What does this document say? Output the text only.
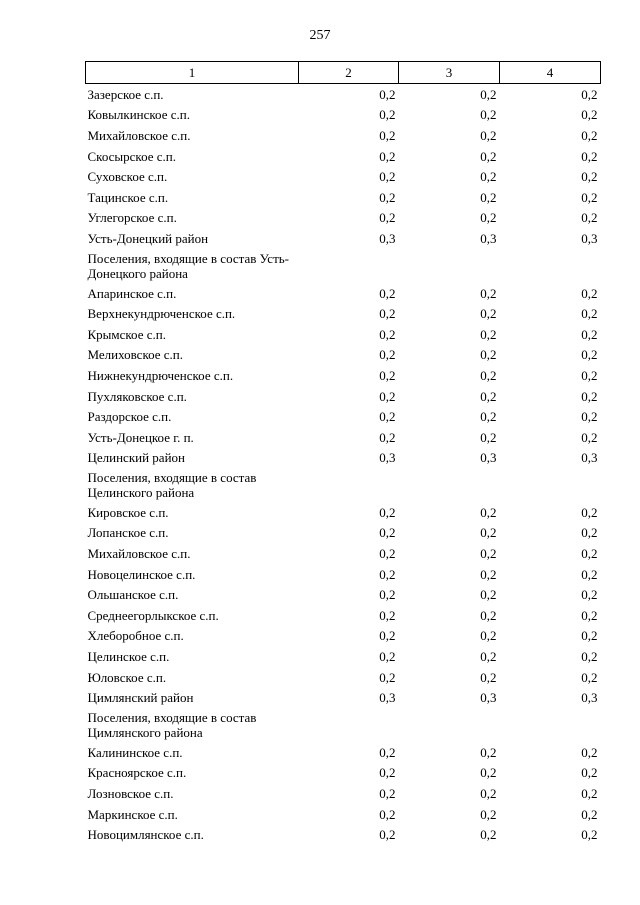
257
1	2	3	4
Зазерское с.п.	0,2	0,2	0,2
Ковылкинское с.п.	0,2	0,2	0,2
Михайловское с.п.	0,2	0,2	0,2
Скосырское с.п.	0,2	0,2	0,2
Суховское с.п.	0,2	0,2	0,2
Тацинское с.п.	0,2	0,2	0,2
Углегорское с.п.	0,2	0,2	0,2
Усть-Донецкий район	0,3	0,3	0,3
Поселения, входящие в состав Усть-Донецкого района			
Апаринское с.п.	0,2	0,2	0,2
Верхнекундрюченское с.п.	0,2	0,2	0,2
Крымское с.п.	0,2	0,2	0,2
Мелиховское с.п.	0,2	0,2	0,2
Нижнекундрюченское с.п.	0,2	0,2	0,2
Пухляковское с.п.	0,2	0,2	0,2
Раздорское с.п.	0,2	0,2	0,2
Усть-Донецкое г. п.	0,2	0,2	0,2
Целинский район	0,3	0,3	0,3
Поселения, входящие в состав Целинского района			
Кировское с.п.	0,2	0,2	0,2
Лопанское с.п.	0,2	0,2	0,2
Михайловское с.п.	0,2	0,2	0,2
Новоцелинское с.п.	0,2	0,2	0,2
Ольшанское с.п.	0,2	0,2	0,2
Среднеегорлыкское с.п.	0,2	0,2	0,2
Хлеборобное с.п.	0,2	0,2	0,2
Целинское с.п.	0,2	0,2	0,2
Юловское с.п.	0,2	0,2	0,2
Цимлянский район	0,3	0,3	0,3
Поселения, входящие в состав Цимлянского района			
Калининское с.п.	0,2	0,2	0,2
Красноярское с.п.	0,2	0,2	0,2
Лозновское с.п.	0,2	0,2	0,2
Маркинское с.п.	0,2	0,2	0,2
Новоцимлянское с.п.	0,2	0,2	0,2
